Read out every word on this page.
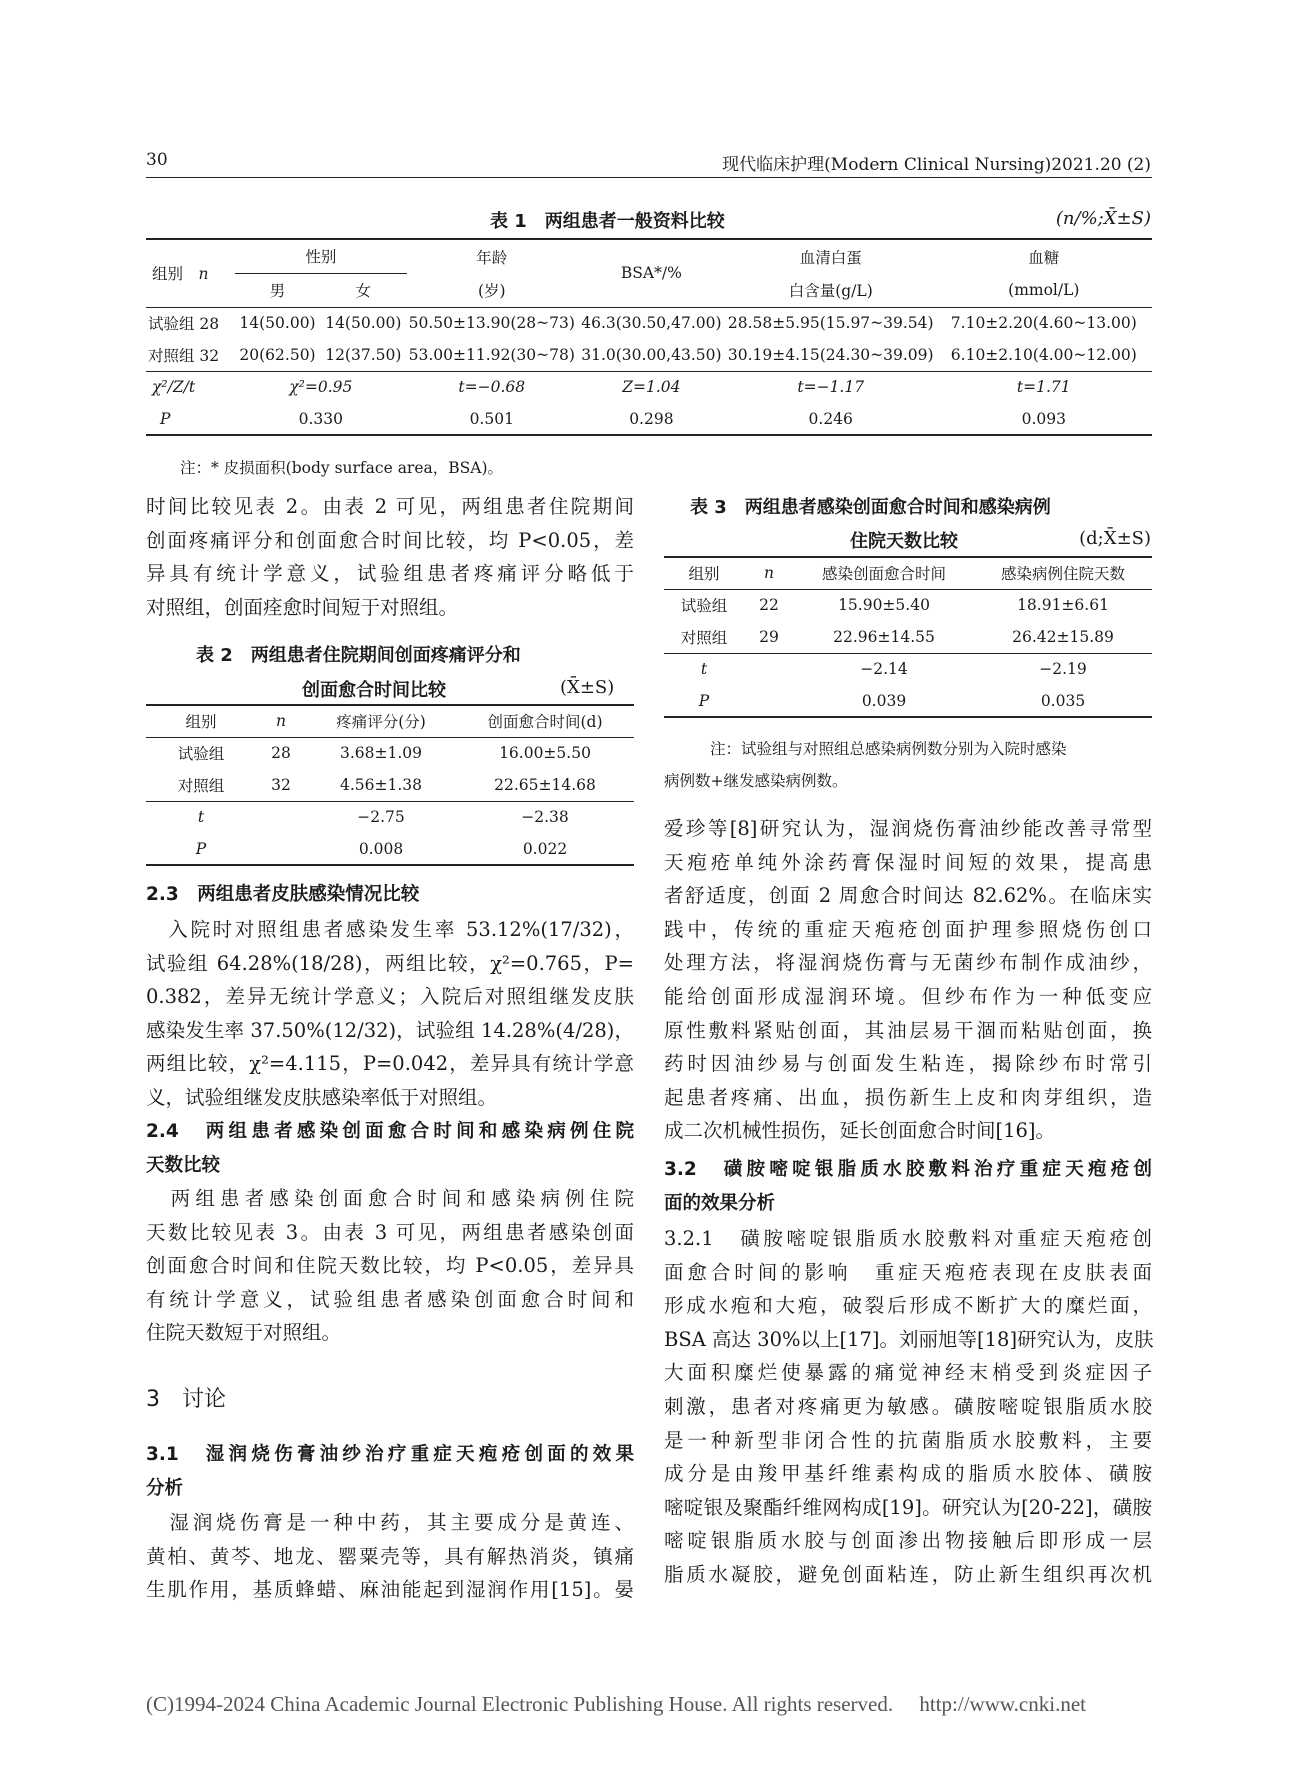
30	现代临床护理(Modern Clinical Nursing)2021.20 (2)
表 1　两组患者一般资料比较	(n/%;X̄±S)
组别　 n	性别		年龄	BSA*/%	血清白蛋	血糖
	男	女	(岁)		白含量(g/L)	(mmol/L)
试验组 28	14(50.00)	14(50.00)	50.50±13.90(28~73)	46.3(30.50,47.00)	28.58±5.95(15.97~39.54)	7.10±2.20(4.60~13.00)
对照组 32	20(62.50)	12(37.50)	53.00±11.92(30~78)	31.0(30.00,43.50)	30.19±4.15(24.30~39.09)	6.10±2.10(4.00~12.00)
χ²/Z/t	χ²=0.95		t=−0.68	Z=1.04	t=−1.17	t=1.71
P	0.330		0.501	0.298	0.246	0.093
注：* 皮损面积(body surface area，BSA)。
时间比较见表 2。由表 2 可见，两组患者住院期间
创面疼痛评分和创面愈合时间比较，均 P<0.05，差
异具有统计学意义，试验组患者疼痛评分略低于
对照组，创面痊愈时间短于对照组。
表 2　两组患者住院期间创面疼痛评分和
创面愈合时间比较	(X̄±S)
组别	n	疼痛评分(分)	创面愈合时间(d)
试验组	28	3.68±1.09	16.00±5.50
对照组	32	4.56±1.38	22.65±14.68
t		−2.75	−2.38
P		0.008	0.022
2.3　两组患者皮肤感染情况比较
　入院时对照组患者感染发生率 53.12%(17/32)，
试验组 64.28%(18/28)，两组比较，χ²=0.765，P=
0.382，差异无统计学意义；入院后对照组继发皮肤
感染发生率 37.50%(12/32)，试验组 14.28%(4/28)，
两组比较，χ²=4.115，P=0.042，差异具有统计学意
义，试验组继发皮肤感染率低于对照组。
2.4　两组患者感染创面愈合时间和感染病例住院
天数比较
　两组患者感染创面愈合时间和感染病例住院
天数比较见表 3。由表 3 可见，两组患者感染创面
创面愈合时间和住院天数比较，均 P<0.05，差异具
有统计学意义，试验组患者感染创面愈合时间和
住院天数短于对照组。
3　讨论
3.1　湿润烧伤膏油纱治疗重症天疱疮创面的效果
分析
　湿润烧伤膏是一种中药，其主要成分是黄连、
黄柏、黄芩、地龙、罂粟壳等，具有解热消炎，镇痛
生肌作用，基质蜂蜡、麻油能起到湿润作用[15]。晏
表 3　两组患者感染创面愈合时间和感染病例
住院天数比较	(d;X̄±S)
组别	n	感染创面愈合时间	感染病例住院天数
试验组	22	15.90±5.40	18.91±6.61
对照组	29	22.96±14.55	26.42±15.89
t		−2.14	−2.19
P		0.039	0.035
注：试验组与对照组总感染病例数分别为入院时感染
病例数+继发感染病例数。
爱珍等[8]研究认为，湿润烧伤膏油纱能改善寻常型
天疱疮单纯外涂药膏保湿时间短的效果，提高患
者舒适度，创面 2 周愈合时间达 82.62%。在临床实
践中，传统的重症天疱疮创面护理参照烧伤创口
处理方法，将湿润烧伤膏与无菌纱布制作成油纱，
能给创面形成湿润环境。但纱布作为一种低变应
原性敷料紧贴创面，其油层易干涸而粘贴创面，换
药时因油纱易与创面发生粘连，揭除纱布时常引
起患者疼痛、出血，损伤新生上皮和肉芽组织，造
成二次机械性损伤，延长创面愈合时间[16]。
3.2　磺胺嘧啶银脂质水胶敷料治疗重症天疱疮创
面的效果分析
3.2.1　磺胺嘧啶银脂质水胶敷料对重症天疱疮创
面愈合时间的影响　重症天疱疮表现在皮肤表面
形成水疱和大疱，破裂后形成不断扩大的糜烂面，
BSA 高达 30%以上[17]。刘丽旭等[18]研究认为，皮肤
大面积糜烂使暴露的痛觉神经末梢受到炎症因子
刺激，患者对疼痛更为敏感。磺胺嘧啶银脂质水胶
是一种新型非闭合性的抗菌脂质水胶敷料，主要
成分是由羧甲基纤维素构成的脂质水胶体、磺胺
嘧啶银及聚酯纤维网构成[19]。研究认为[20-22]，磺胺
嘧啶银脂质水胶与创面渗出物接触后即形成一层
脂质水凝胶，避免创面粘连，防止新生组织再次机
(C)1994-2024 China Academic Journal Electronic Publishing House. All rights reserved.　 http://www.cnki.net
